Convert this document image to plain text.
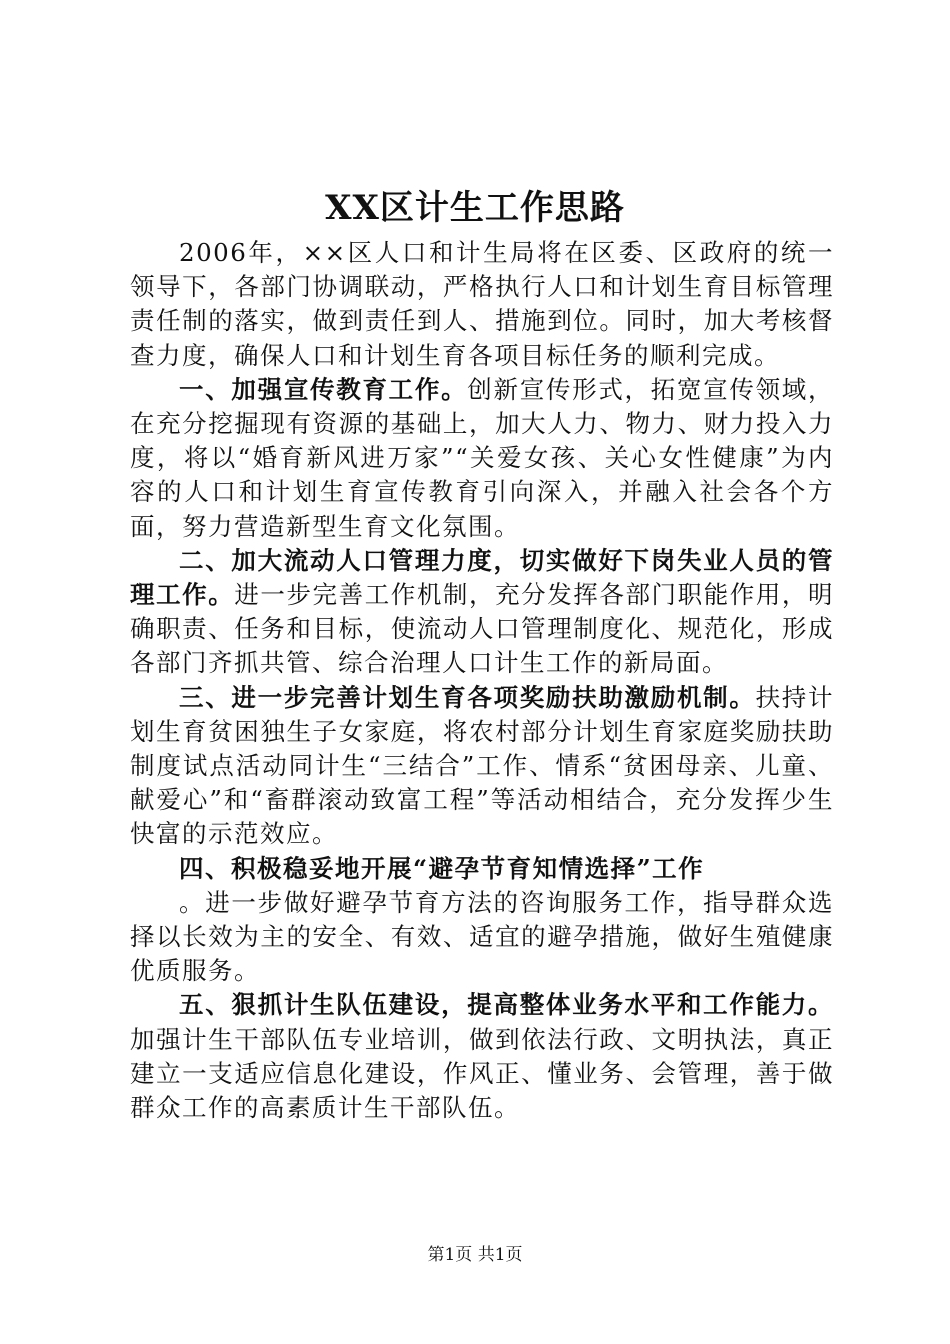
XX区计生工作思路

2006年，××区人口和计生局将在区委、区政府的统一领导下，各部门协调联动，严格执行人口和计划生育目标管理责任制的落实，做到责任到人、措施到位。同时，加大考核督查力度，确保人口和计划生育各项目标任务的顺利完成。

一、加强宣传教育工作。创新宣传形式，拓宽宣传领域，在充分挖掘现有资源的基础上，加大人力、物力、财力投入力度，将以“婚育新风进万家”“关爱女孩、关心女性健康”为内容的人口和计划生育宣传教育引向深入，并融入社会各个方面，努力营造新型生育文化氛围。

二、加大流动人口管理力度，切实做好下岗失业人员的管理工作。进一步完善工作机制，充分发挥各部门职能作用，明确职责、任务和目标，使流动人口管理制度化、规范化，形成各部门齐抓共管、综合治理人口计生工作的新局面。

三、进一步完善计划生育各项奖励扶助激励机制。扶持计划生育贫困独生子女家庭，将农村部分计划生育家庭奖励扶助制度试点活动同计生“三结合”工作、情系“贫困母亲、儿童、献爱心”和“畜群滚动致富工程”等活动相结合，充分发挥少生快富的示范效应。

四、积极稳妥地开展“避孕节育知情选择”工作

。进一步做好避孕节育方法的咨询服务工作，指导群众选择以长效为主的安全、有效、适宜的避孕措施，做好生殖健康优质服务。

五、狠抓计生队伍建设，提高整体业务水平和工作能力。加强计生干部队伍专业培训，做到依法行政、文明执法，真正建立一支适应信息化建设，作风正、懂业务、会管理，善于做群众工作的高素质计生干部队伍。

第1页 共1页
